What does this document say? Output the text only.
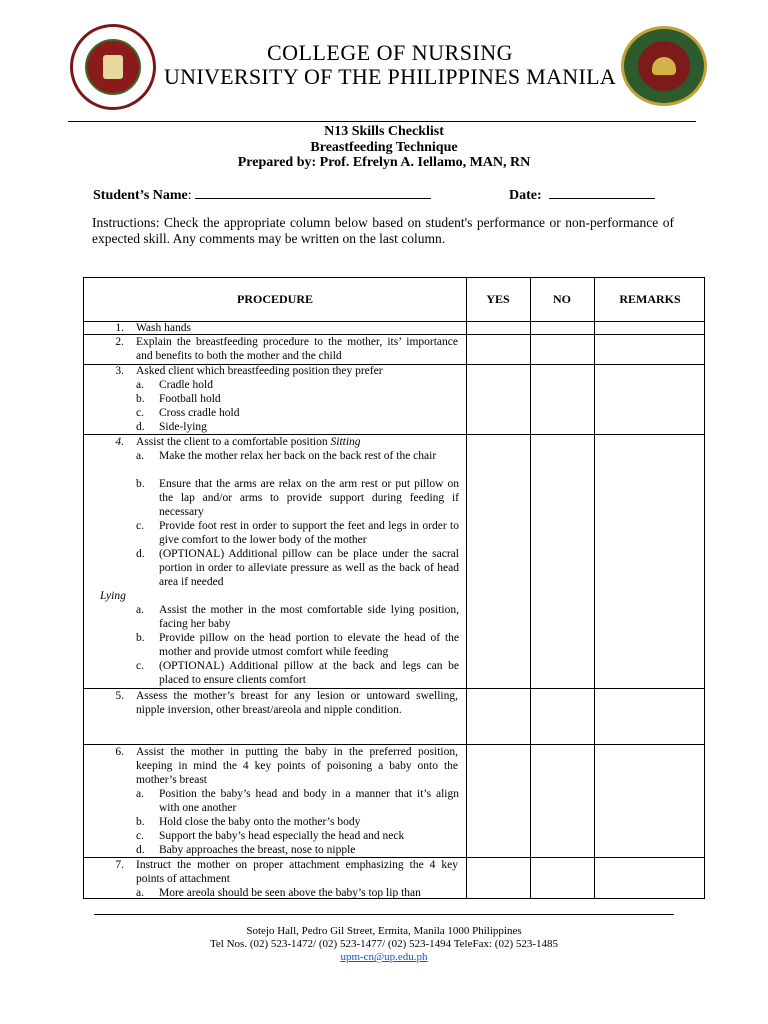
COLLEGE OF NURSING
UNIVERSITY OF THE PHILIPPINES MANILA
N13 Skills Checklist
Breastfeeding Technique
Prepared by: Prof. Efrelyn A. Iellamo, MAN, RN
Student’s Name:	Date:
Instructions: Check the appropriate column below based on student's performance or non-performance of expected skill. Any comments may be written on the last column.
PROCEDURE	YES	NO	REMARKS
1. Wash hands
2. Explain the breastfeeding procedure to the mother, its’ importance and benefits to both the mother and the child
3. Asked client which breastfeeding position they prefer
a.	Cradle hold
b.	Football hold
c.	Cross cradle hold
d.	Side-lying
4. Assist the client to a comfortable position Sitting
a.	Make the mother relax her back on the back rest of the chair
b.	Ensure that the arms are relax on the arm rest or put pillow on the lap and/or arms to provide support during feeding if necessary
c.	Provide foot rest in order to support the feet and legs in order to give comfort to the lower body of the mother
d.	(OPTIONAL) Additional pillow can be place under the sacral portion in order to alleviate pressure as well as the back of head area if needed
Lying
a.	Assist the mother in the most comfortable side lying position, facing her baby
b.	Provide pillow on the head portion to elevate the head of the mother and provide utmost comfort while feeding
c.	(OPTIONAL) Additional pillow at the back and legs can be placed to ensure clients comfort
5. Assess the mother’s breast for any lesion or untoward swelling, nipple inversion, other breast/areola and nipple condition.
6. Assist the mother in putting the baby in the preferred position, keeping in mind the 4 key points of poisoning a baby onto the mother’s breast
a.	Position the baby’s head and body in a manner that it’s align with one another
b.	Hold close the baby onto the mother’s body
c.	Support the baby’s head especially the head and neck
d.	Baby approaches the breast, nose to nipple
7. Instruct the mother on proper attachment emphasizing the 4 key points of attachment
a.	More areola should be seen above the baby’s top lip than
Sotejo Hall, Pedro Gil Street, Ermita, Manila 1000 Philippines
Tel Nos. (02) 523-1472/ (02) 523-1477/ (02) 523-1494 TeleFax: (02) 523-1485
upm-cn@up.edu.ph
